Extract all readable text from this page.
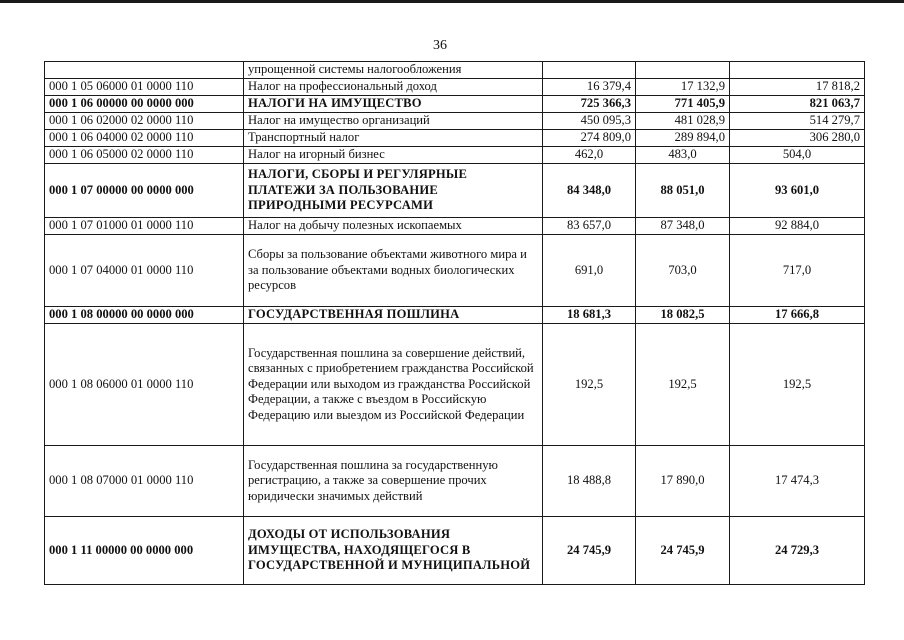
36
	упрощенной системы налогообложения			
000 1 05 06000 01 0000 110	Налог на профессиональный доход	16 379,4	17 132,9	17 818,2
000 1 06 00000 00 0000 000	НАЛОГИ НА ИМУЩЕСТВО	725 366,3	771 405,9	821 063,7
000 1 06 02000 02 0000 110	Налог на имущество организаций	450 095,3	481 028,9	514 279,7
000 1 06 04000 02 0000 110	Транспортный налог	274 809,0	289 894,0	306 280,0
000 1 06 05000 02 0000 110	Налог на игорный бизнес	462,0	483,0	504,0
000 1 07 00000 00 0000 000	НАЛОГИ, СБОРЫ И РЕГУЛЯРНЫЕ ПЛАТЕЖИ ЗА ПОЛЬЗОВАНИЕ ПРИРОДНЫМИ РЕСУРСАМИ	84 348,0	88 051,0	93 601,0
000 1 07 01000 01 0000 110	Налог на добычу полезных ископаемых	83 657,0	87 348,0	92 884,0
000 1 07 04000 01 0000 110	Сборы за пользование объектами животного мира и за пользование объектами водных биологических ресурсов	691,0	703,0	717,0
000 1 08 00000 00 0000 000	ГОСУДАРСТВЕННАЯ ПОШЛИНА	18 681,3	18 082,5	17 666,8
000 1 08 06000 01 0000 110	Государственная пошлина за совершение действий, связанных с приобретением гражданства Российской Федерации или выходом из гражданства Российской Федерации, а также с въездом в Российскую Федерацию или выездом из Российской Федерации	192,5	192,5	192,5
000 1 08 07000 01 0000 110	Государственная пошлина за государственную регистрацию, а также за совершение прочих юридически значимых действий	18 488,8	17 890,0	17 474,3
000 1 11 00000 00 0000 000	ДОХОДЫ ОТ ИСПОЛЬЗОВАНИЯ ИМУЩЕСТВА, НАХОДЯЩЕГОСЯ В ГОСУДАРСТВЕННОЙ И МУНИЦИПАЛЬНОЙ	24 745,9	24 745,9	24 729,3
